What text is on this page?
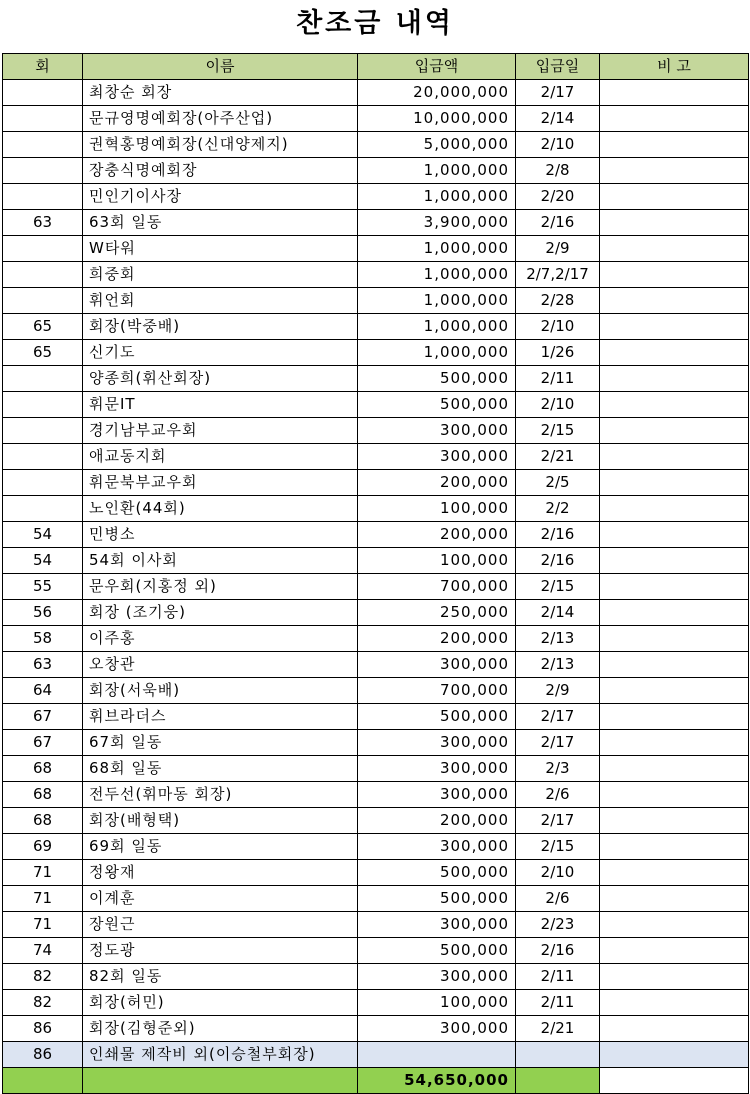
찬조금 내역
회	이름	입금액	입금일	비 고
	최창순 회장	20,000,000	2/17	
	문규영명예회장(아주산업)	10,000,000	2/14	
	권혁홍명예회장(신대양제지)	5,000,000	2/10	
	장충식명예회장	1,000,000	2/8	
	민인기이사장	1,000,000	2/20	
63	63회 일동	3,900,000	2/16	
	W타워	1,000,000	2/9	
	희중회	1,000,000	2/7,2/17	
	휘언회	1,000,000	2/28	
65	회장(박중배)	1,000,000	2/10	
65	신기도	1,000,000	1/26	
	양종희(휘산회장)	500,000	2/11	
	휘문IT	500,000	2/10	
	경기남부교우회	300,000	2/15	
	애교동지회	300,000	2/21	
	휘문북부교우회	200,000	2/5	
	노인환(44회)	100,000	2/2	
54	민병소	200,000	2/16	
54	54회 이사회	100,000	2/16	
55	문우회(지홍정 외)	700,000	2/15	
56	회장 (조기웅)	250,000	2/14	
58	이주홍	200,000	2/13	
63	오창관	300,000	2/13	
64	회장(서욱배)	700,000	2/9	
67	휘브라더스	500,000	2/17	
67	67회 일동	300,000	2/17	
68	68회 일동	300,000	2/3	
68	전두선(휘마동 회장)	300,000	2/6	
68	회장(배형택)	200,000	2/17	
69	69회 일동	300,000	2/15	
71	정왕재	500,000	2/10	
71	이계훈	500,000	2/6	
71	장원근	300,000	2/23	
74	정도광	500,000	2/16	
82	82회 일동	300,000	2/11	
82	회장(허민)	100,000	2/11	
86	회장(김형준외)	300,000	2/21	
86	인쇄물 제작비 외(이승철부회장)			
		54,650,000		
